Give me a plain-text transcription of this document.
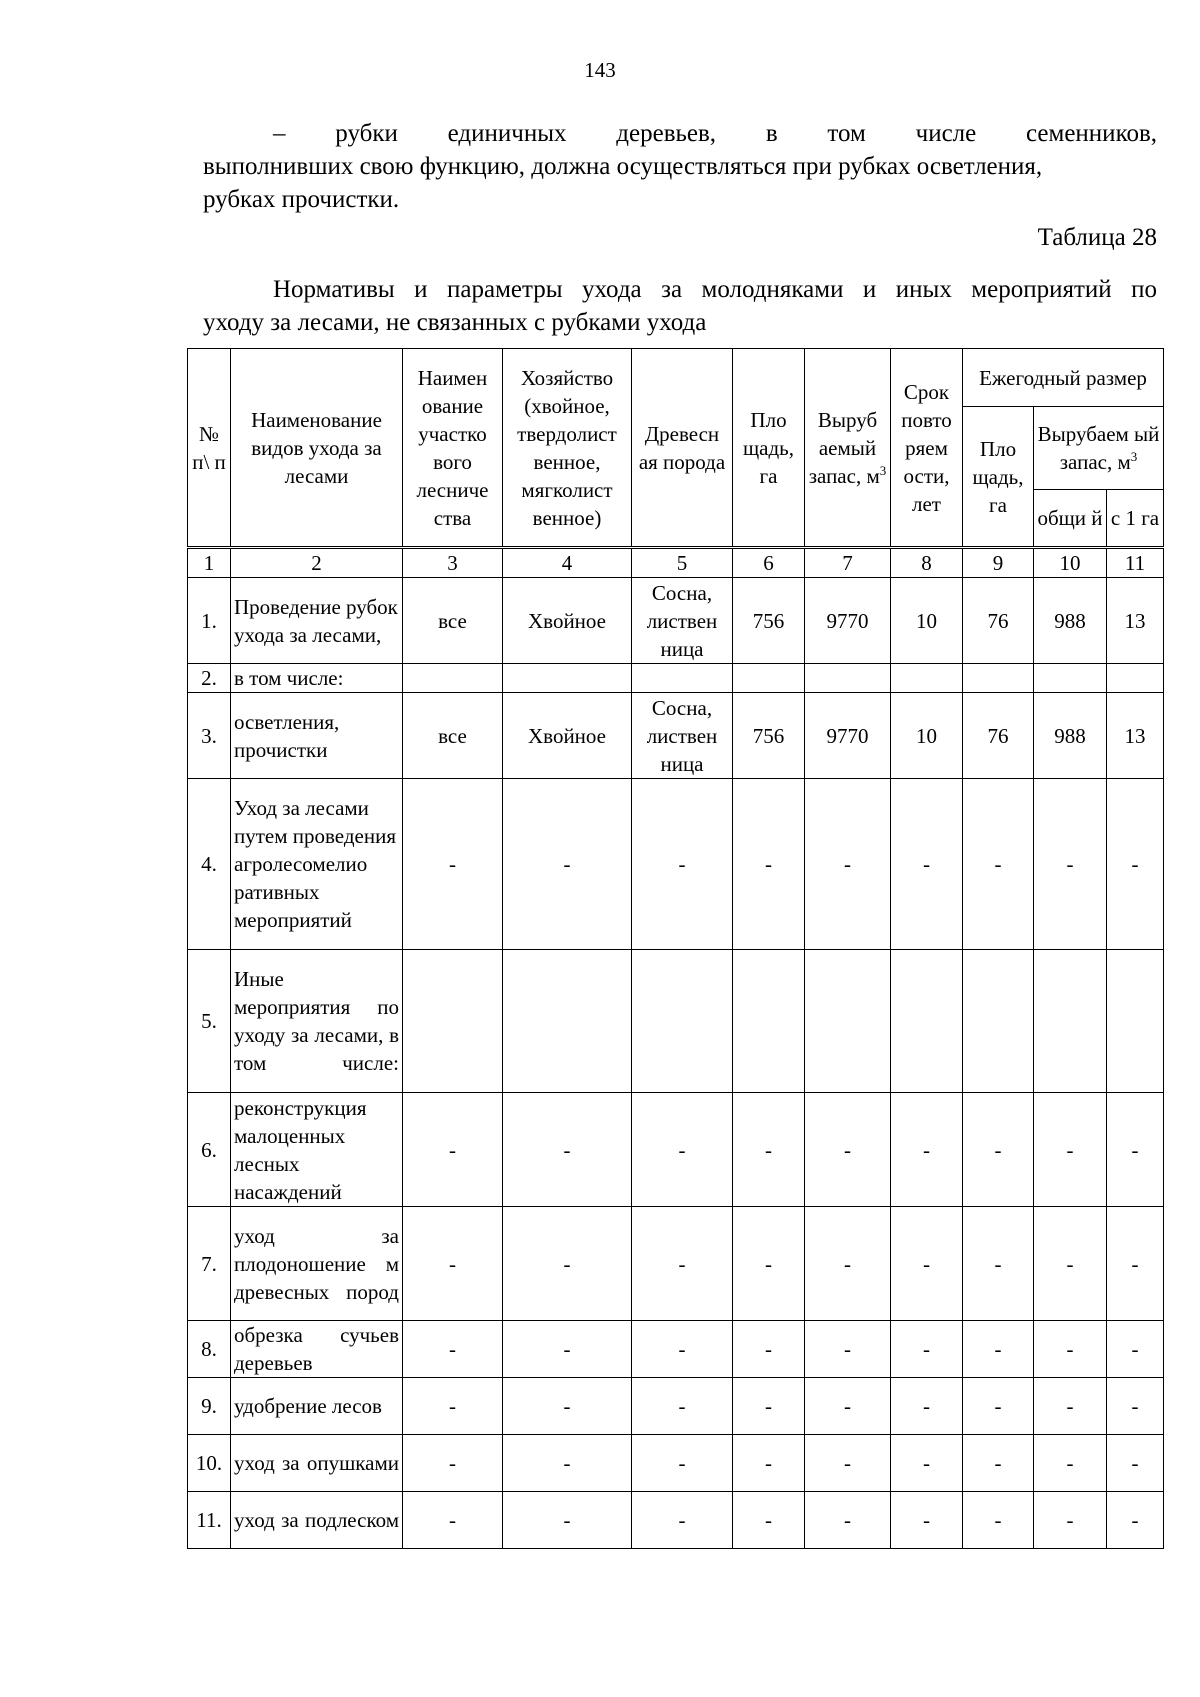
143
– рубки единичных деревьев, в том числе семенников,
выполнивших свою функцию, должна осуществляться при рубках осветления,
рубках прочистки.
Таблица 28
Нормативы и параметры ухода за молодняками и иных мероприятий по
уходу за лесами, не связанных с рубками ухода
№ п\ п	Наименование видов ухода за лесами	Наимен ование участко вого лесниче ства	Хозяйство (хвойное, твердолист венное, мягколист венное)	Древесн ая порода	Пло щадь, га	Выруб аемый запас, $м^3$	Срок повто ряем ости, лет	Ежегодный размер		
								Пло щадь, га	Вырубаем ый запас, $м^3$
									общи й	с 1 га
1	2	3	4	5	6	7	8	9	10	11
1.	Проведение рубок ухода за лесами,	все	Хвойное	Сосна, листвен ница	756	9770	10	76	988	13
2.	в том числе:									
3.	осветления, прочистки	все	Хвойное	Сосна, листвен ница	756	9770	10	76	988	13
4.	Уход за лесами путем проведения агролесомелио ративных мероприятий	-	-	-	-	-	-	-	-	-
5.	Иные мероприятия по уходу за лесами, в том числе:									
6.	реконструкция малоценных лесных насаждений	-	-	-	-	-	-	-	-	-
7.	уход за плодоношение м древесных пород	-	-	-	-	-	-	-	-	-
8.	обрезка сучьев деревьев	-	-	-	-	-	-	-	-	-
9.	удобрение лесов	-	-	-	-	-	-	-	-	-
10.	уход за опушками	-	-	-	-	-	-	-	-	-
11.	уход за подлеском	-	-	-	-	-	-	-	-	-
